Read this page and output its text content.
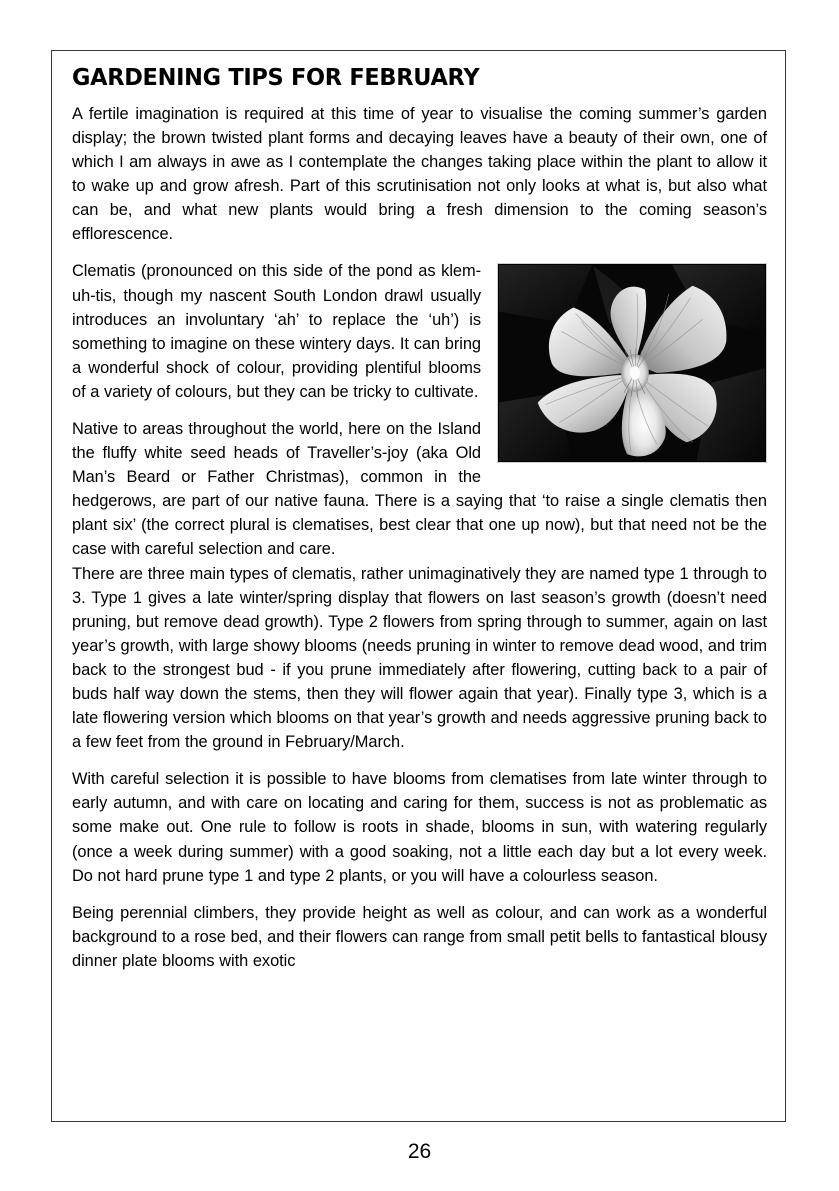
GARDENING TIPS FOR FEBRUARY

A fertile imagination is required at this time of year to visualise the coming summer’s garden display; the brown twisted plant forms and decaying leaves have a beauty of their own, one of which I am always in awe as I contemplate the changes taking place within the plant to allow it to wake up and grow afresh. Part of this scrutinisation not only looks at what is, but also what can be, and what new plants would bring a fresh dimension to the coming season’s efflorescence.

Clematis (pronounced on this side of the pond as klem-uh-tis, though my nascent South London drawl usually introduces an involuntary ‘ah’ to replace the ‘uh’) is something to imagine on these wintery days. It can bring a wonderful shock of colour, providing plentiful blooms of a variety of colours, but they can be tricky to cultivate.

Native to areas throughout the world, here on the Island the fluffy white seed heads of Traveller’s-joy (aka Old Man’s Beard or Father Christmas), common in the hedgerows, are part of our native fauna. There is a saying that ‘to raise a single clematis then plant six’ (the correct plural is clematises, best clear that one up now), but that need not be the case with careful selection and care.

There are three main types of clematis, rather unimaginatively they are named type 1 through to 3. Type 1 gives a late winter/spring display that flowers on last season’s growth (doesn’t need pruning, but remove dead growth). Type 2 flowers from spring through to summer, again on last year’s growth, with large showy blooms (needs pruning in winter to remove dead wood, and trim back to the strongest bud - if you prune immediately after flowering, cutting back to a pair of buds half way down the stems, then they will flower again that year). Finally type 3, which is a late flowering version which blooms on that year’s growth and needs aggressive pruning back to a few feet from the ground in February/March.

With careful selection it is possible to have blooms from clematises from late winter through to early autumn, and with care on locating and caring for them, success is not as problematic as some make out. One rule to follow is roots in shade, blooms in sun, with watering regularly (once a week during summer) with a good soaking, not a little each day but a lot every week. Do not hard prune type 1 and type 2 plants, or you will have a colourless season.

Being perennial climbers, they provide height as well as colour, and can work as a wonderful background to a rose bed, and their flowers can range from small petit bells to fantastical blousy dinner plate blooms with exotic

26
